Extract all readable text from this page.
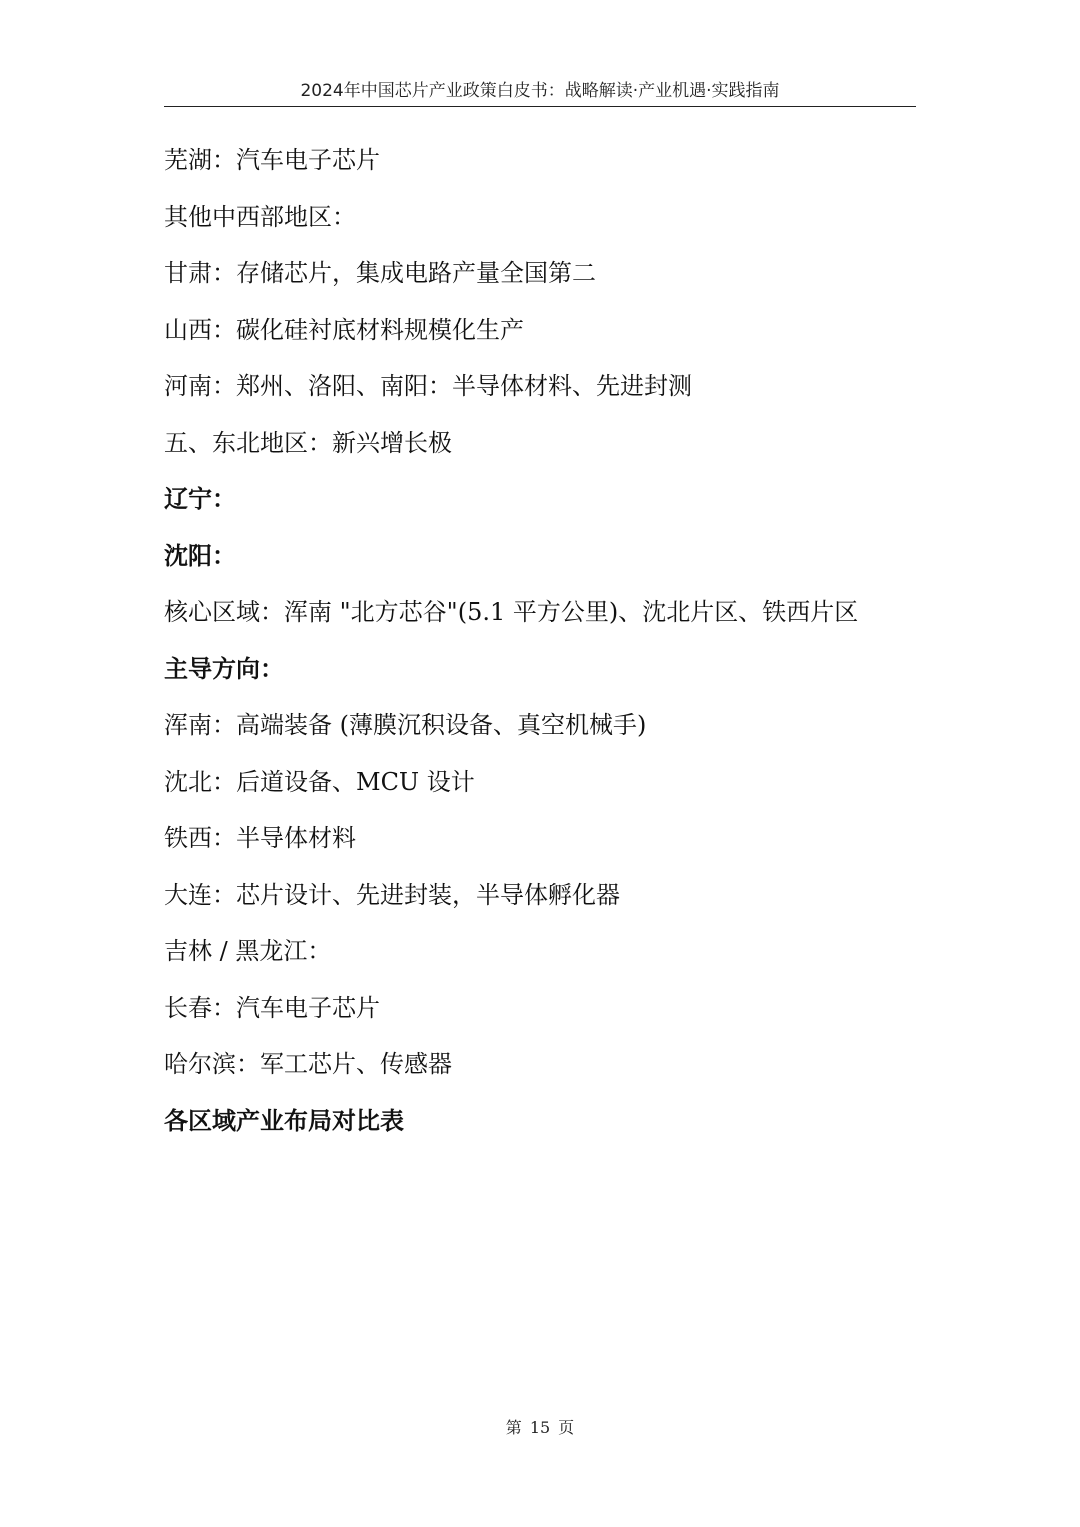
2024年中国芯片产业政策白皮书：战略解读·产业机遇·实践指南
芜湖：汽车电子芯片
其他中西部地区：
甘肃：存储芯片，集成电路产量全国第二
山西：碳化硅衬底材料规模化生产
河南：郑州、洛阳、南阳：半导体材料、先进封测
五、东北地区：新兴增长极
辽宁：
沈阳：
核心区域：浑南 "北方芯谷"(5.1 平方公里)、沈北片区、铁西片区
主导方向：
浑南：高端装备 (薄膜沉积设备、真空机械手)
沈北：后道设备、MCU 设计
铁西：半导体材料
大连：芯片设计、先进封装，半导体孵化器
吉林 / 黑龙江：
长春：汽车电子芯片
哈尔滨：军工芯片、传感器
各区域产业布局对比表
第 15 页
